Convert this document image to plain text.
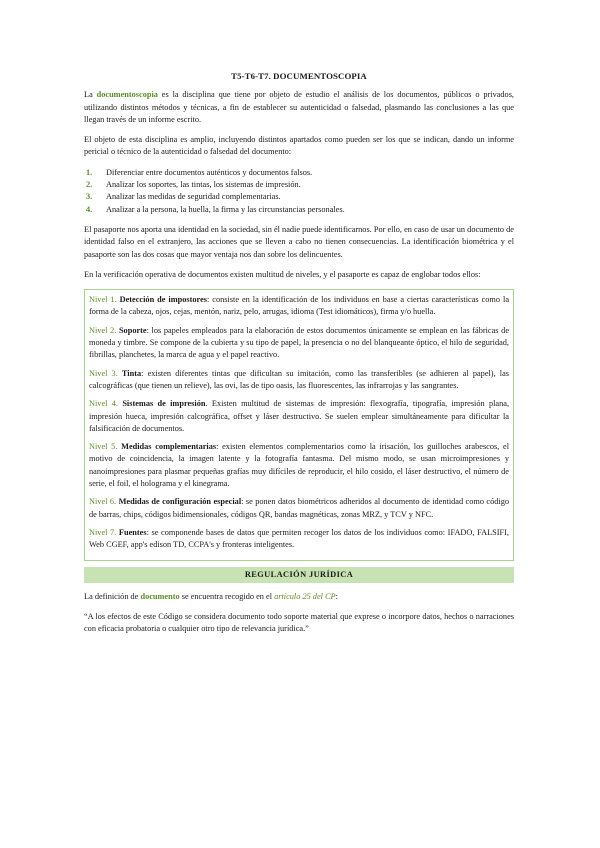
T5-T6-T7. DOCUMENTOSCOPIA

La documentoscopia es la disciplina que tiene por objeto de estudio el análisis de los documentos, públicos o privados, utilizando distintos métodos y técnicas, a fin de establecer su autenticidad o falsedad, plasmando las conclusiones a las que llegan través de un informe escrito.

El objeto de esta disciplina es amplio, incluyendo distintos apartados como pueden ser los que se indican, dando un informe pericial o técnico de la autenticidad o falsedad del documento:

1. Diferenciar entre documentos auténticos y documentos falsos.
2. Analizar los soportes, las tintas, los sistemas de impresión.
3. Analizar las medidas de seguridad complementarias.
4. Analizar a la persona, la huella, la firma y las circunstancias personales.

El pasaporte nos aporta una identidad en la sociedad, sin él nadie puede identificarnos. Por ello, en caso de usar un documento de identidad falso en el extranjero, las acciones que se lleven a cabo no tienen consecuencias. La identificación biométrica y el pasaporte son las dos cosas que mayor ventaja nos dan sobre los delincuentes.

En la verificación operativa de documentos existen multitud de niveles, y el pasaporte es capaz de englobar todos ellos:

Nivel 1. Detección de impostores: consiste en la identificación de los individuos en base a ciertas características como la forma de la cabeza, ojos, cejas, mentón, nariz, pelo, arrugas, idioma (Test idiomáticos), firma y/o huella.
Nivel 2. Soporte: los papeles empleados para la elaboración de estos documentos únicamente se emplean en las fábricas de moneda y timbre. Se compone de la cubierta y su tipo de papel, la presencia o no del blanqueante óptico, el hilo de seguridad, fibrillas, planchetes, la marca de agua y el papel reactivo.
Nivel 3. Tinta: existen diferentes tintas que dificultan su imitación, como las transferibles (se adhieren al papel), las calcográficas (que tienen un relieve), las ovi, las de tipo oasis, las fluorescentes, las infrarrojas y las sangrantes.
Nivel 4. Sistemas de impresión. Existen multitud de sistemas de impresión: flexografía, tipografía, impresión plana, impresión hueca, impresión calcográfica, offset y láser destructivo. Se suelen emplear simultáneamente para dificultar la falsificación de documentos.
Nivel 5. Medidas complementarias: existen elementos complementarios como la irisación, los guilloches arabescos, el motivo de coincidencia, la imagen latente y la fotografía fantasma. Del mismo modo, se usan microimpresiones y nanoimpresiones para plasmar pequeñas grafías muy difíciles de reproducir, el hilo cosido, el láser destructivo, el número de serie, el foil, el holograma y el kinegrama.
Nivel 6. Medidas de configuración especial: se ponen datos biométricos adheridos al documento de identidad como código de barras, chips, códigos bidimensionales, códigos QR, bandas magnéticas, zonas MRZ, y TCV y NFC.
Nivel 7. Fuentes: se componende bases de datos que permiten recoger los datos de los individuos como: IFADO, FALSIFI, Web CGEF, app's edison TD, CCPA's y fronteras inteligentes.
REGULACIÓN JURÍDICA

La definición de documento se encuentra recogido en el artículo 25 del CP:

“A los efectos de este Código se considera documento todo soporte material que exprese o incorpore datos, hechos o narraciones con eficacia probatoria o cualquier otro tipo de relevancia jurídica.”
